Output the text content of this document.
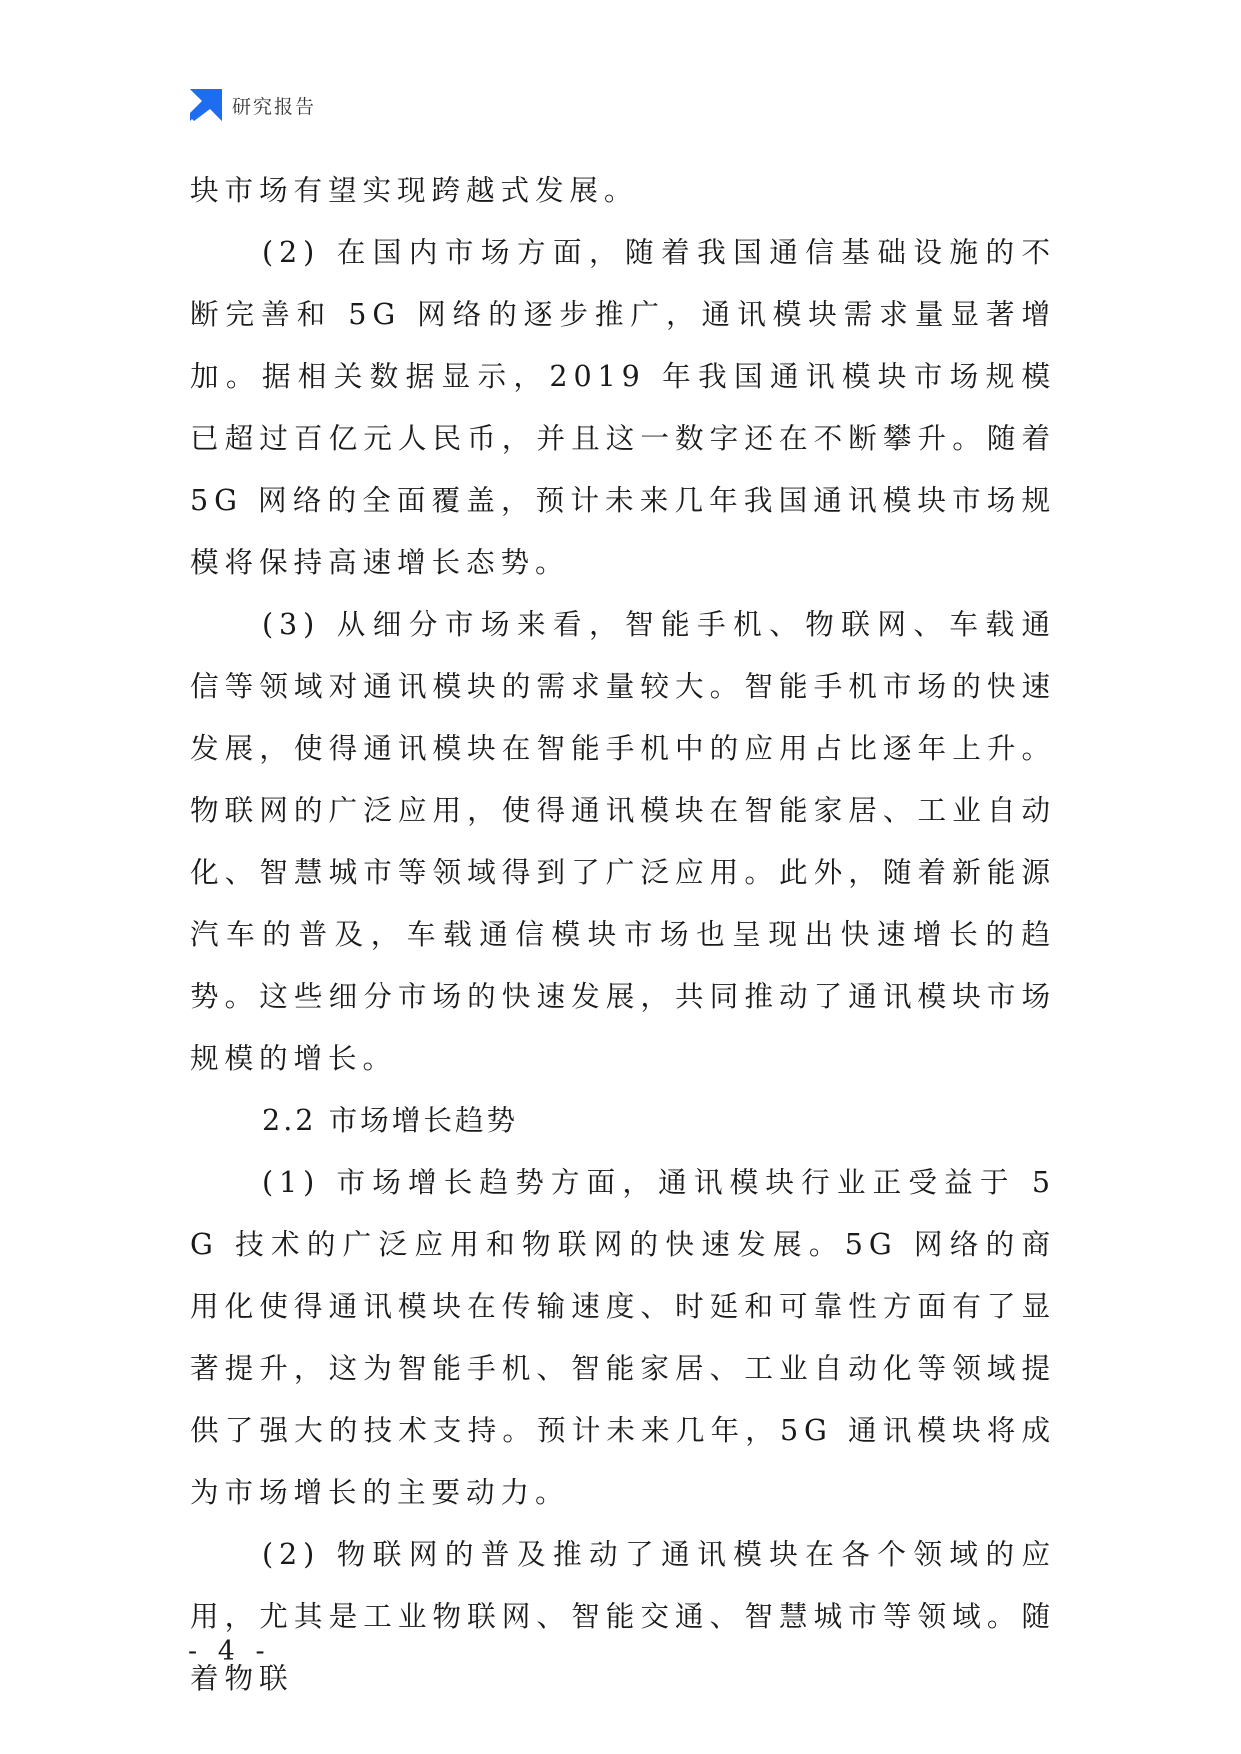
研究报告

块市场有望实现跨越式发展。

(2) 在国内市场方面，随着我国通信基础设施的不断完善和 5G 网络的逐步推广，通讯模块需求量显著增加。据相关数据显示，2019 年我国通讯模块市场规模已超过百亿元人民币，并且这一数字还在不断攀升。随着 5G 网络的全面覆盖，预计未来几年我国通讯模块市场规模将保持高速增长态势。

(3) 从细分市场来看，智能手机、物联网、车载通信等领域对通讯模块的需求量较大。智能手机市场的快速发展，使得通讯模块在智能手机中的应用占比逐年上升。物联网的广泛应用，使得通讯模块在智能家居、工业自动化、智慧城市等领域得到了广泛应用。此外，随着新能源汽车的普及，车载通信模块市场也呈现出快速增长的趋势。这些细分市场的快速发展，共同推动了通讯模块市场规模的增长。

2.2 市场增长趋势

(1) 市场增长趋势方面，通讯模块行业正受益于 5G 技术的广泛应用和物联网的快速发展。5G 网络的商用化使得通讯模块在传输速度、时延和可靠性方面有了显著提升，这为智能手机、智能家居、工业自动化等领域提供了强大的技术支持。预计未来几年，5G 通讯模块将成为市场增长的主要动力。

(2) 物联网的普及推动了通讯模块在各个领域的应用，尤其是工业物联网、智能交通、智慧城市等领域。随着物联

- 4 -
